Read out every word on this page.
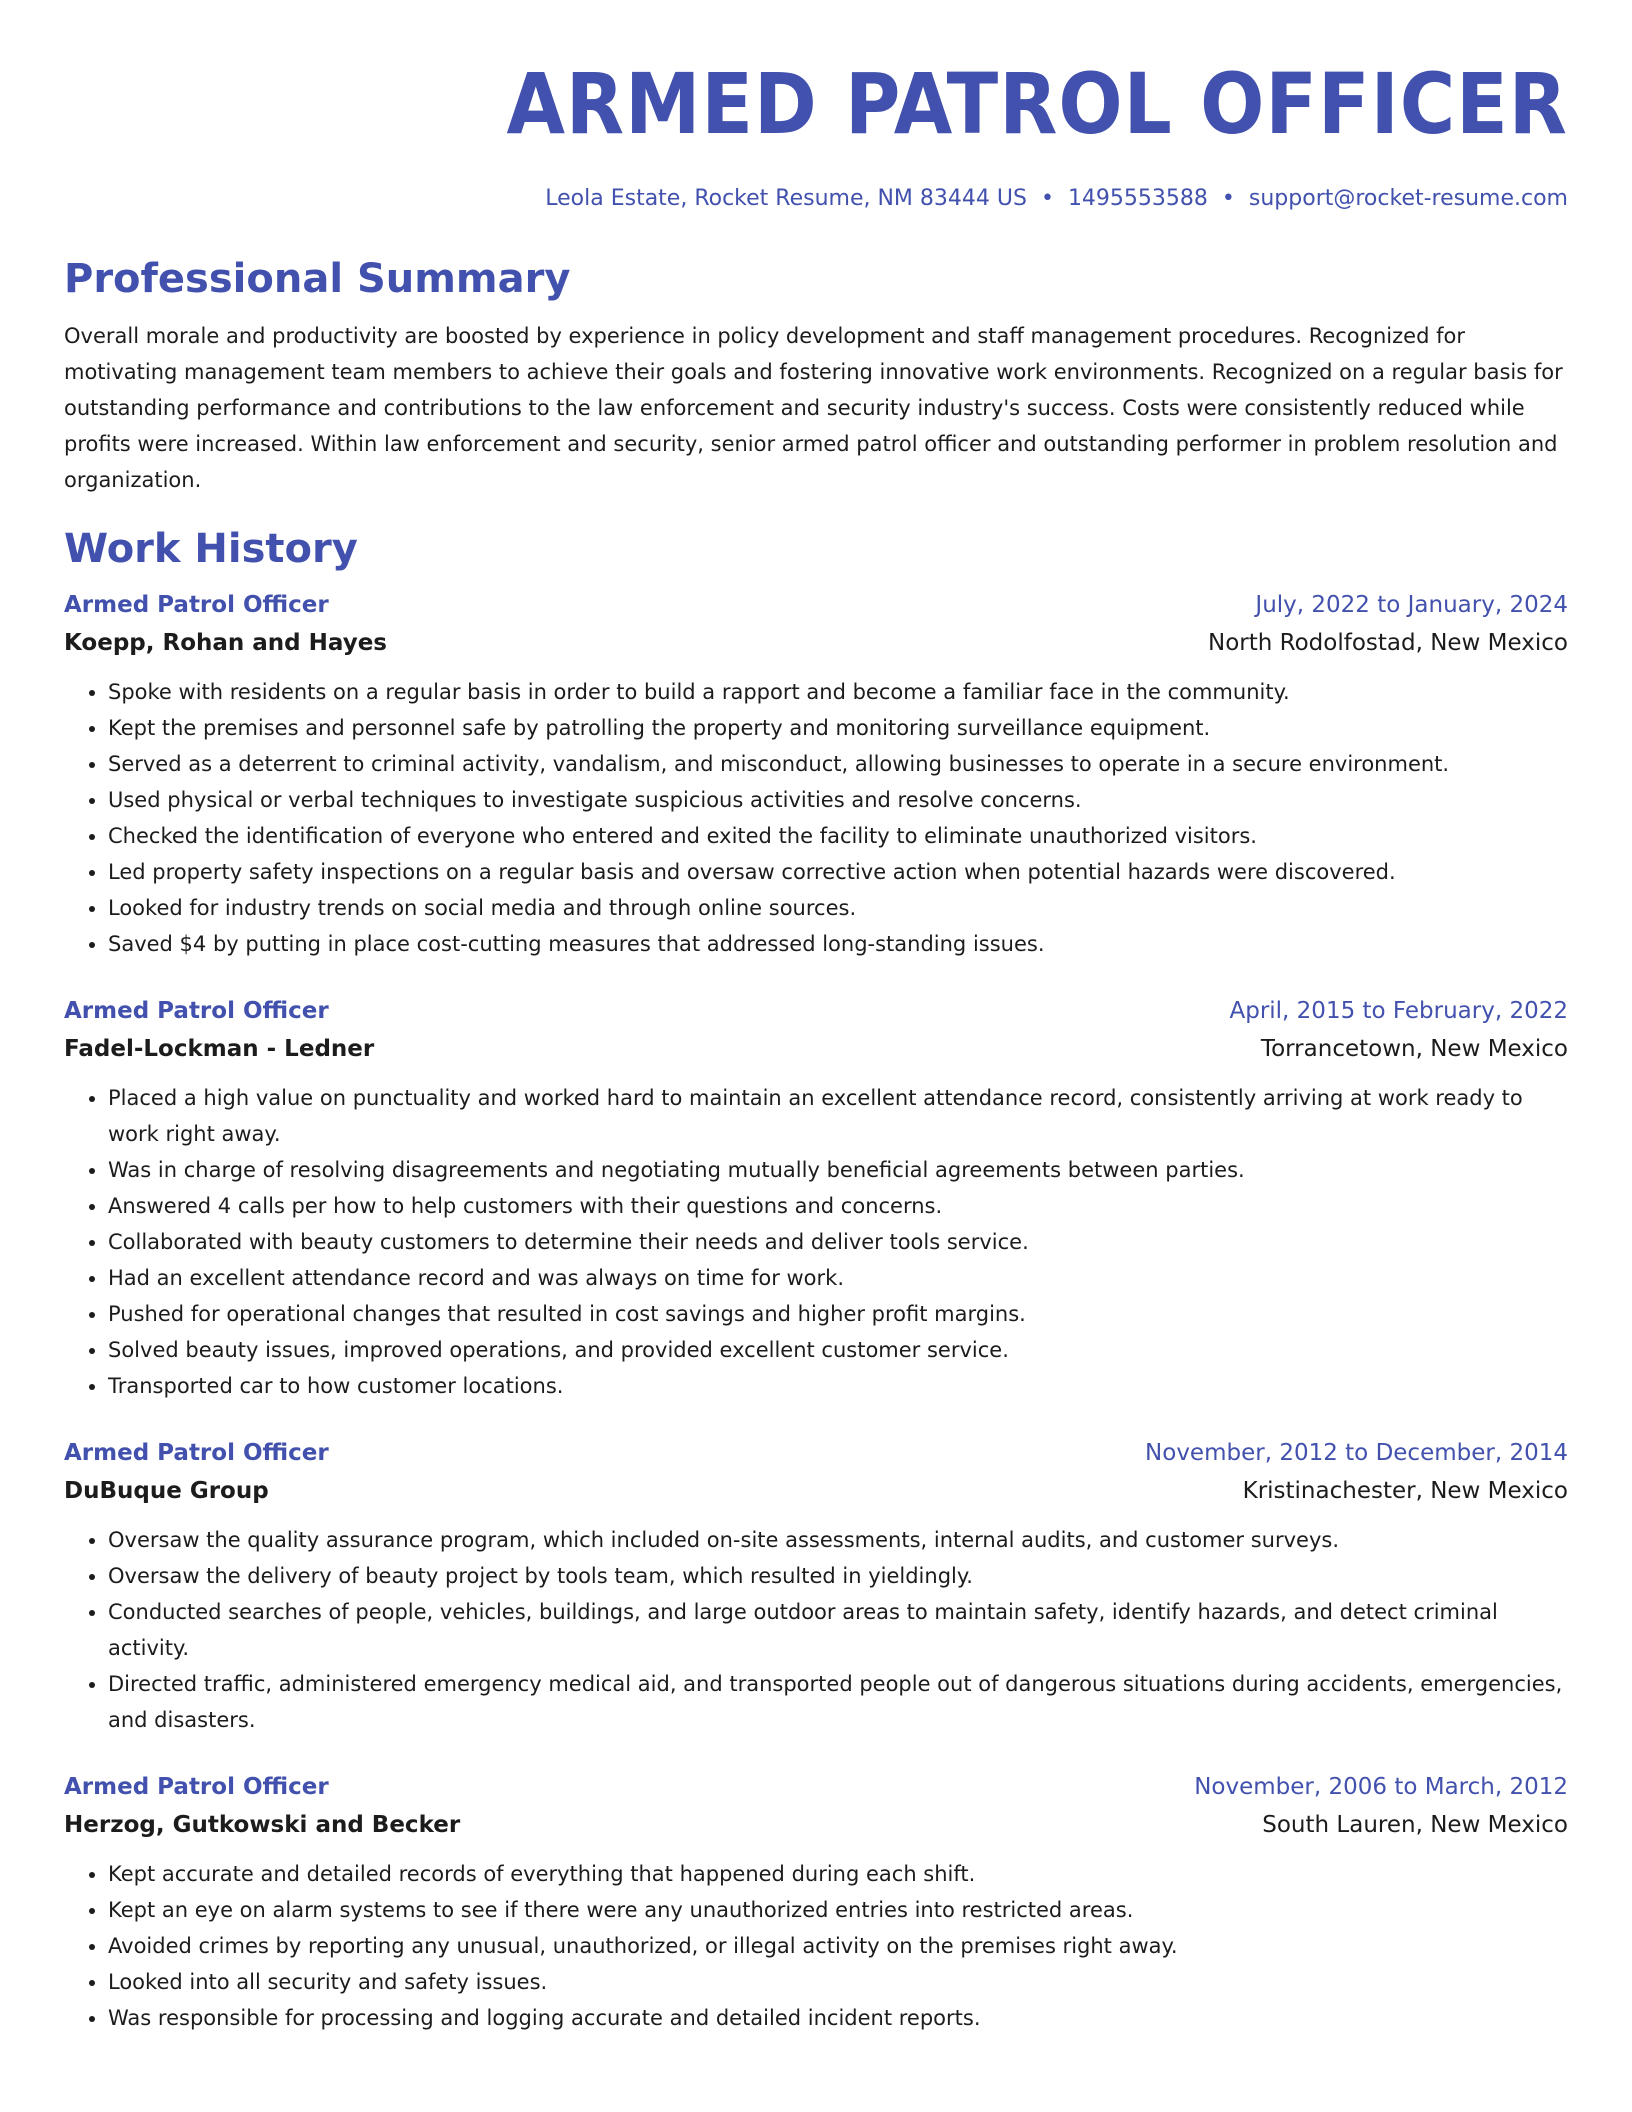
ARMED PATROL OFFICER
Leola Estate, Rocket Resume, NM 83444 US • 1495553588 • support@rocket-resume.com
Professional Summary
Overall morale and productivity are boosted by experience in policy development and staff management procedures. Recognized for motivating management team members to achieve their goals and fostering innovative work environments. Recognized on a regular basis for outstanding performance and contributions to the law enforcement and security industry's success. Costs were consistently reduced while profits were increased. Within law enforcement and security, senior armed patrol officer and outstanding performer in problem resolution and organization.
Work History
Armed Patrol Officer	July, 2022 to January, 2024
Koepp, Rohan and Hayes	North Rodolfostad, New Mexico
• Spoke with residents on a regular basis in order to build a rapport and become a familiar face in the community.
• Kept the premises and personnel safe by patrolling the property and monitoring surveillance equipment.
• Served as a deterrent to criminal activity, vandalism, and misconduct, allowing businesses to operate in a secure environment.
• Used physical or verbal techniques to investigate suspicious activities and resolve concerns.
• Checked the identification of everyone who entered and exited the facility to eliminate unauthorized visitors.
• Led property safety inspections on a regular basis and oversaw corrective action when potential hazards were discovered.
• Looked for industry trends on social media and through online sources.
• Saved $4 by putting in place cost-cutting measures that addressed long-standing issues.
Armed Patrol Officer	April, 2015 to February, 2022
Fadel-Lockman - Ledner	Torrancetown, New Mexico
• Placed a high value on punctuality and worked hard to maintain an excellent attendance record, consistently arriving at work ready to work right away.
• Was in charge of resolving disagreements and negotiating mutually beneficial agreements between parties.
• Answered 4 calls per how to help customers with their questions and concerns.
• Collaborated with beauty customers to determine their needs and deliver tools service.
• Had an excellent attendance record and was always on time for work.
• Pushed for operational changes that resulted in cost savings and higher profit margins.
• Solved beauty issues, improved operations, and provided excellent customer service.
• Transported car to how customer locations.
Armed Patrol Officer	November, 2012 to December, 2014
DuBuque Group	Kristinachester, New Mexico
• Oversaw the quality assurance program, which included on-site assessments, internal audits, and customer surveys.
• Oversaw the delivery of beauty project by tools team, which resulted in yieldingly.
• Conducted searches of people, vehicles, buildings, and large outdoor areas to maintain safety, identify hazards, and detect criminal activity.
• Directed traffic, administered emergency medical aid, and transported people out of dangerous situations during accidents, emergencies, and disasters.
Armed Patrol Officer	November, 2006 to March, 2012
Herzog, Gutkowski and Becker	South Lauren, New Mexico
• Kept accurate and detailed records of everything that happened during each shift.
• Kept an eye on alarm systems to see if there were any unauthorized entries into restricted areas.
• Avoided crimes by reporting any unusual, unauthorized, or illegal activity on the premises right away.
• Looked into all security and safety issues.
• Was responsible for processing and logging accurate and detailed incident reports.
